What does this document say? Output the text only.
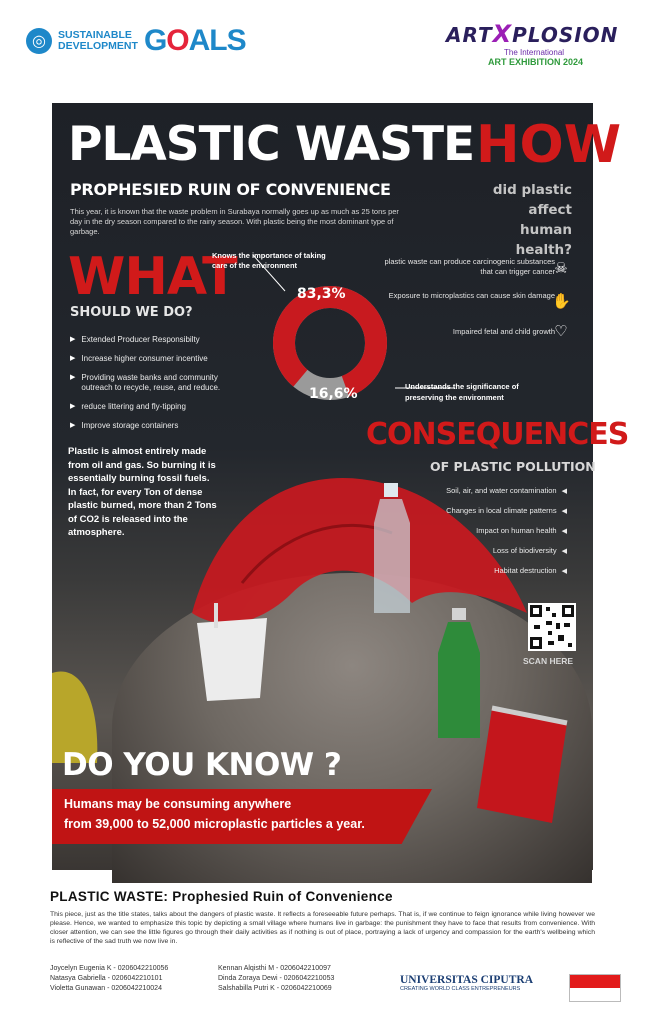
◎	SUSTAINABLE
DEVELOPMENT GOALS	ARTXPLOSION
The International
ART EXHIBITION 2024
PLASTIC WASTE
PROPHESIED RUIN OF CONVENIENCE
This year, it is known that the waste problem in Surabaya normally goes up as much as 25 tons per day in the dry season compared to the rainy season. With plastic being the most dominant type of garbage.
HOW
did plastic affect human health?
WHAT
SHOULD WE DO?
▶ Extended Producer Responsibilty
▶ Increase higher consumer incentive
▶ Providing waste banks and community outreach to recycle, reuse, and reduce.
▶ reduce littering and fly-tipping
▶ Improve storage containers
Knows the importance of taking care of the environment
83,3%
16,6%	Understands the significance of preserving the environment
plastic waste can produce carcinogenic substances that can trigger cancer ☠
Exposure to microplastics can cause skin damage
✋
Impaired fetal and child growth ♡
CONSEQUENCES
OF PLASTIC POLLUTION
Soil, air, and water contamination ◀
Changes in local climate patterns ◀
Impact on human health ◀
Loss of biodiversity ◀
Habitat destruction ◀
Plastic is almost entirely made from oil and gas. So burning it is essentially burning fossil fuels. In fact, for every Ton of dense plastic burned, more than 2 Tons of CO2 is released into the atmosphere.
SCAN HERE
DO YOU KNOW ?
Humans may be consuming anywhere
from 39,000 to 52,000 microplastic particles a year.
PLASTIC WASTE: Prophesied Ruin of Convenience
This piece, just as the title states, talks about the dangers of plastic waste. It reflects a foreseeable future perhaps. That is, if we continue to feign ignorance while living however we please. Hence, we wanted to emphasize this topic by depicting a small village where humans live in garbage: the punishment they have to face that results from convenience. With closer attention, we can see the little figures go through their daily activities as if nothing is out of place, portraying a lack of urgency and compassion for the earth's wellbeing which is reflective of the sad truth we now live in.
Joycelyn Eugenia K - 0206042210056
Natasya Gabriella - 0206042210101
Violetta Gunawan - 0206042210024
Kennan Alqisthi M - 0206042210097
Dinda Zoraya Dewi - 0206042210053
Salshabilla Putri K - 0206042210069
UNIVERSITAS CIPUTRA
CREATING WORLD CLASS ENTREPRENEURS
